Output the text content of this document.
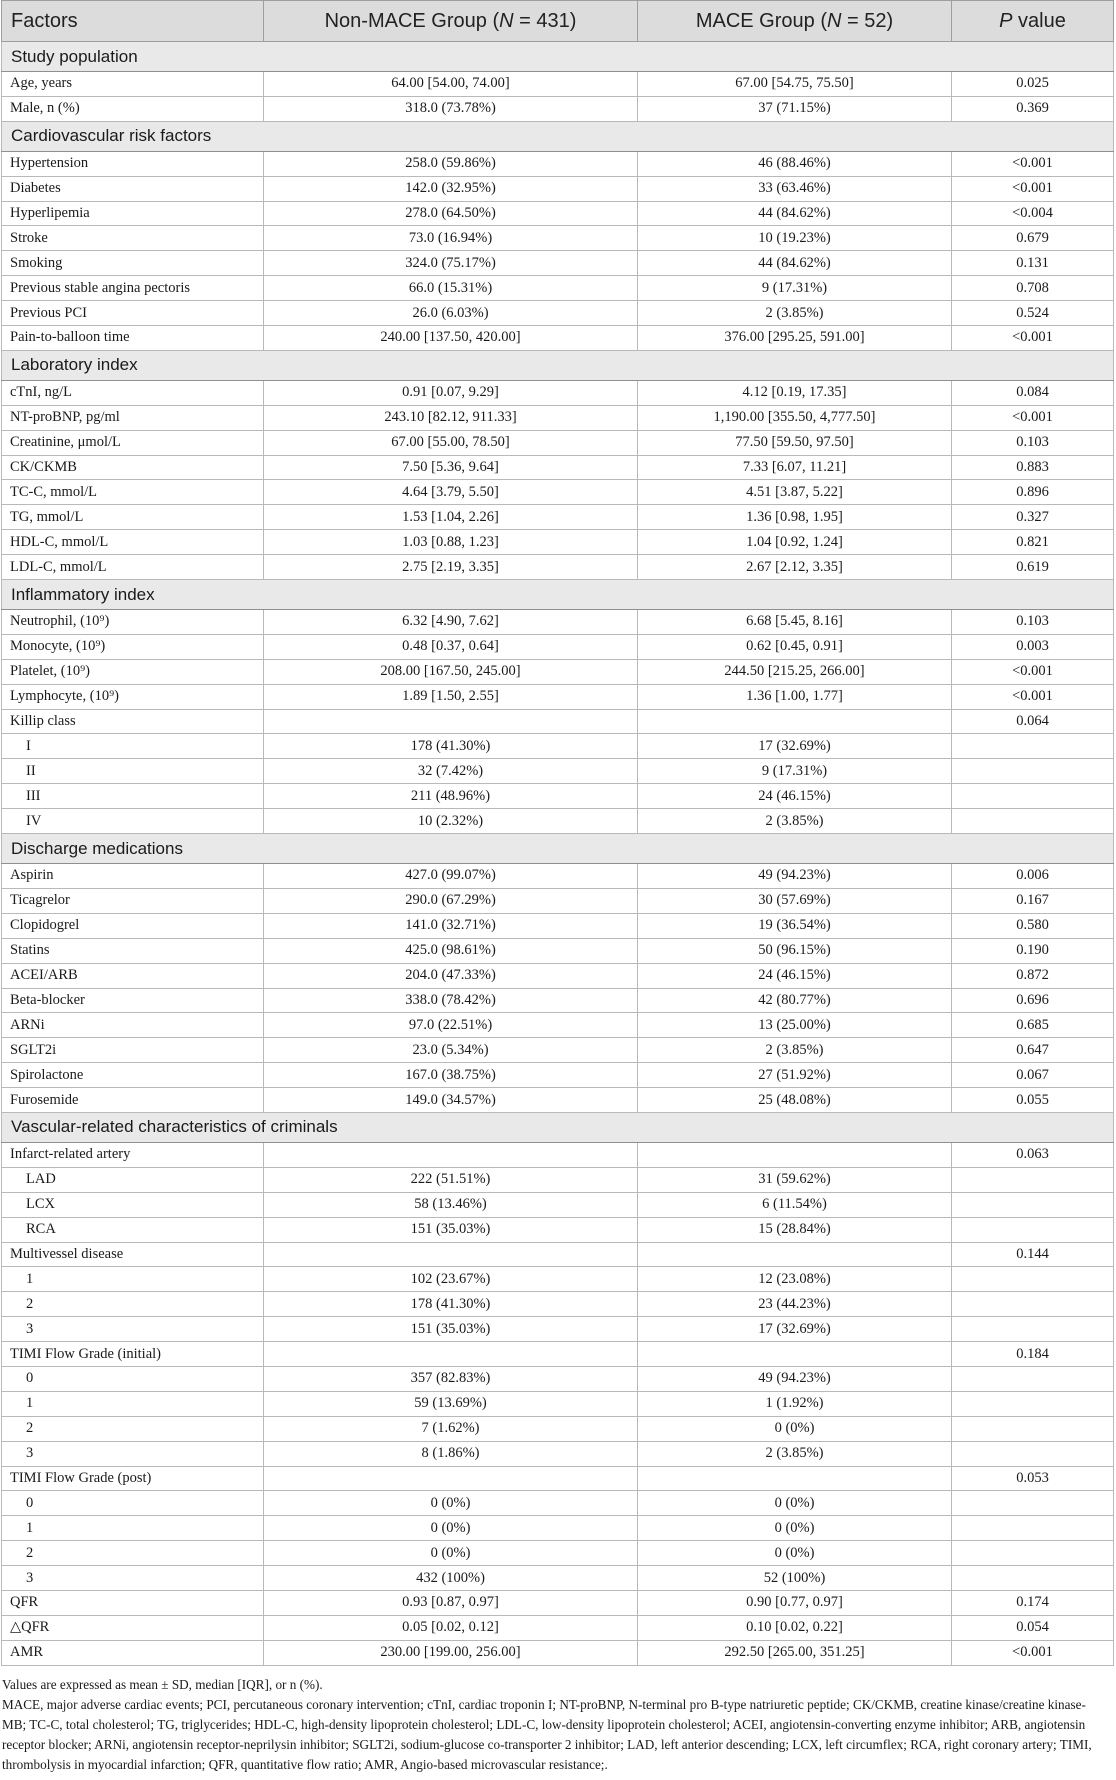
Factors	Non-MACE Group (N = 431)	MACE Group (N = 52)	P value
Study population			
Age, years	64.00 [54.00, 74.00]	67.00 [54.75, 75.50]	0.025
Male, n (%)	318.0 (73.78%)	37 (71.15%)	0.369
Cardiovascular risk factors			
Hypertension	258.0 (59.86%)	46 (88.46%)	<0.001
Diabetes	142.0 (32.95%)	33 (63.46%)	<0.001
Hyperlipemia	278.0 (64.50%)	44 (84.62%)	<0.004
Stroke	73.0 (16.94%)	10 (19.23%)	0.679
Smoking	324.0 (75.17%)	44 (84.62%)	0.131
Previous stable angina pectoris	66.0 (15.31%)	9 (17.31%)	0.708
Previous PCI	26.0 (6.03%)	2 (3.85%)	0.524
Pain-to-balloon time	240.00 [137.50, 420.00]	376.00 [295.25, 591.00]	<0.001
Laboratory index			
cTnI, ng/L	0.91 [0.07, 9.29]	4.12 [0.19, 17.35]	0.084
NT-proBNP, pg/ml	243.10 [82.12, 911.33]	1,190.00 [355.50, 4,777.50]	<0.001
Creatinine, μmol/L	67.00 [55.00, 78.50]	77.50 [59.50, 97.50]	0.103
CK/CKMB	7.50 [5.36, 9.64]	7.33 [6.07, 11.21]	0.883
TC-C, mmol/L	4.64 [3.79, 5.50]	4.51 [3.87, 5.22]	0.896
TG, mmol/L	1.53 [1.04, 2.26]	1.36 [0.98, 1.95]	0.327
HDL-C, mmol/L	1.03 [0.88, 1.23]	1.04 [0.92, 1.24]	0.821
LDL-C, mmol/L	2.75 [2.19, 3.35]	2.67 [2.12, 3.35]	0.619
Inflammatory index			
Neutrophil, (10⁹)	6.32 [4.90, 7.62]	6.68 [5.45, 8.16]	0.103
Monocyte, (10⁹)	0.48 [0.37, 0.64]	0.62 [0.45, 0.91]	0.003
Platelet, (10⁹)	208.00 [167.50, 245.00]	244.50 [215.25, 266.00]	<0.001
Lymphocyte, (10⁹)	1.89 [1.50, 2.55]	1.36 [1.00, 1.77]	<0.001
Killip class			0.064
I	178 (41.30%)	17 (32.69%)	
II	32 (7.42%)	9 (17.31%)	
III	211 (48.96%)	24 (46.15%)	
IV	10 (2.32%)	2 (3.85%)	
Discharge medications			
Aspirin	427.0 (99.07%)	49 (94.23%)	0.006
Ticagrelor	290.0 (67.29%)	30 (57.69%)	0.167
Clopidogrel	141.0 (32.71%)	19 (36.54%)	0.580
Statins	425.0 (98.61%)	50 (96.15%)	0.190
ACEI/ARB	204.0 (47.33%)	24 (46.15%)	0.872
Beta-blocker	338.0 (78.42%)	42 (80.77%)	0.696
ARNi	97.0 (22.51%)	13 (25.00%)	0.685
SGLT2i	23.0 (5.34%)	2 (3.85%)	0.647
Spirolactone	167.0 (38.75%)	27 (51.92%)	0.067
Furosemide	149.0 (34.57%)	25 (48.08%)	0.055
Vascular-related characteristics of criminals			
Infarct-related artery			0.063
LAD	222 (51.51%)	31 (59.62%)	
LCX	58 (13.46%)	6 (11.54%)	
RCA	151 (35.03%)	15 (28.84%)	
Multivessel disease			0.144
1	102 (23.67%)	12 (23.08%)	
2	178 (41.30%)	23 (44.23%)	
3	151 (35.03%)	17 (32.69%)	
TIMI Flow Grade (initial)			0.184
0	357 (82.83%)	49 (94.23%)	
1	59 (13.69%)	1 (1.92%)	
2	7 (1.62%)	0 (0%)	
3	8 (1.86%)	2 (3.85%)	
TIMI Flow Grade (post)			0.053
0	0 (0%)	0 (0%)	
1	0 (0%)	0 (0%)	
2	0 (0%)	0 (0%)	
3	432 (100%)	52 (100%)	
QFR	0.93 [0.87, 0.97]	0.90 [0.77, 0.97]	0.174
△QFR	0.05 [0.02, 0.12]	0.10 [0.02, 0.22]	0.054
AMR	230.00 [199.00, 256.00]	292.50 [265.00, 351.25]	<0.001

Values are expressed as mean ± SD, median [IQR], or n (%).

MACE, major adverse cardiac events; PCI, percutaneous coronary intervention; cTnI, cardiac troponin I; NT-proBNP, N-terminal pro B-type natriuretic peptide; CK/CKMB, creatine kinase/creatine kinase-MB; TC-C, total cholesterol; TG, triglycerides; HDL-C, high-density lipoprotein cholesterol; LDL-C, low-density lipoprotein cholesterol; ACEI, angiotensin-converting enzyme inhibitor; ARB, angiotensin receptor blocker; ARNi, angiotensin receptor-neprilysin inhibitor; SGLT2i, sodium-glucose co-transporter 2 inhibitor; LAD, left anterior descending; LCX, left circumflex; RCA, right coronary artery; TIMI, thrombolysis in myocardial infarction; QFR, quantitative flow ratio; AMR, Angio-based microvascular resistance;.
